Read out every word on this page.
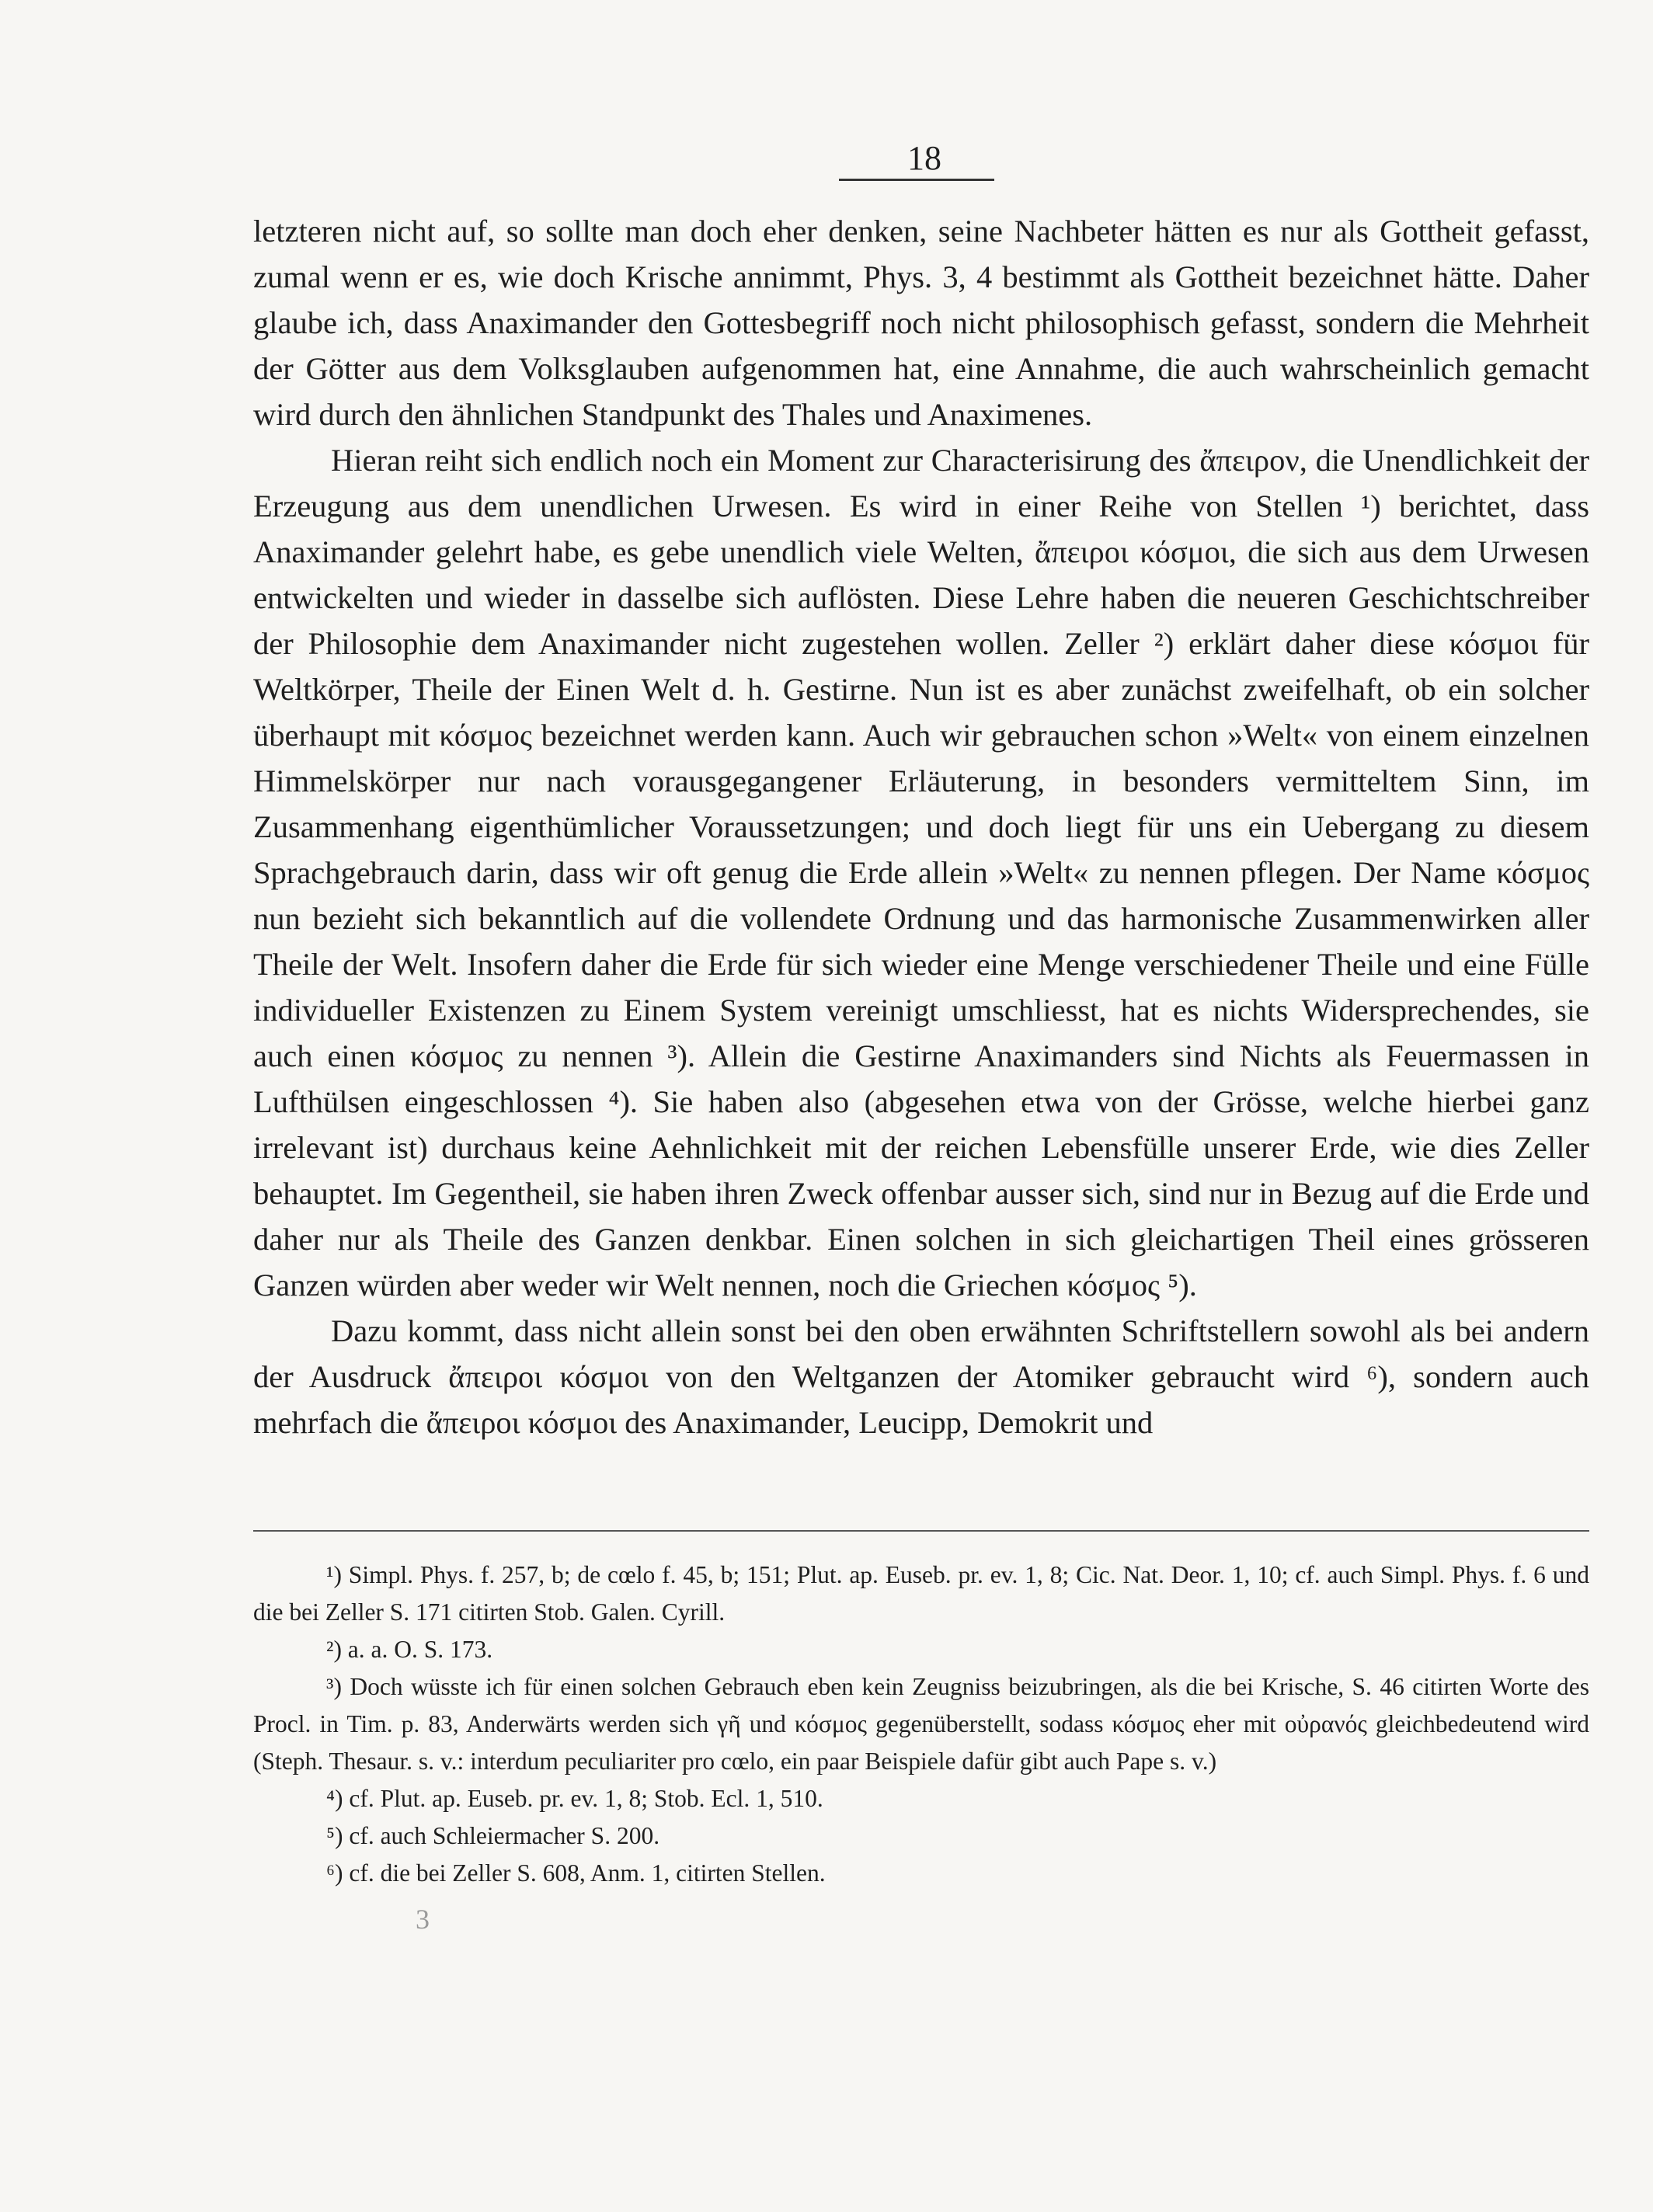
18

letzteren nicht auf, so sollte man doch eher denken, seine Nachbeter hätten es nur als Gottheit gefasst, zumal wenn er es, wie doch Krische annimmt, Phys. 3, 4 bestimmt als Gottheit bezeichnet hätte. Daher glaube ich, dass Anaximander den Gottesbegriff noch nicht philosophisch gefasst, sondern die Mehrheit der Götter aus dem Volksglauben aufgenommen hat, eine Annahme, die auch wahrscheinlich gemacht wird durch den ähnlichen Standpunkt des Thales und Anaximenes.

Hieran reiht sich endlich noch ein Moment zur Characterisirung des ἄπειρον, die Unendlichkeit der Erzeugung aus dem unendlichen Urwesen. Es wird in einer Reihe von Stellen ¹) berichtet, dass Anaximander gelehrt habe, es gebe unendlich viele Welten, ἄπειροι κόσμοι, die sich aus dem Urwesen entwickelten und wieder in dasselbe sich auflösten. Diese Lehre haben die neueren Geschichtschreiber der Philosophie dem Anaximander nicht zugestehen wollen. Zeller ²) erklärt daher diese κόσμοι für Weltkörper, Theile der Einen Welt d. h. Gestirne. Nun ist es aber zunächst zweifelhaft, ob ein solcher überhaupt mit κόσμος bezeichnet werden kann. Auch wir gebrauchen schon »Welt« von einem einzelnen Himmelskörper nur nach vorausgegangener Erläuterung, in besonders vermitteltem Sinn, im Zusammenhang eigenthümlicher Voraussetzungen; und doch liegt für uns ein Uebergang zu diesem Sprachgebrauch darin, dass wir oft genug die Erde allein »Welt« zu nennen pflegen. Der Name κόσμος nun bezieht sich bekanntlich auf die vollendete Ordnung und das harmonische Zusammenwirken aller Theile der Welt. Insofern daher die Erde für sich wieder eine Menge verschiedener Theile und eine Fülle individueller Existenzen zu Einem System vereinigt umschliesst, hat es nichts Widersprechendes, sie auch einen κόσμος zu nennen ³). Allein die Gestirne Anaximanders sind Nichts als Feuermassen in Lufthülsen eingeschlossen ⁴). Sie haben also (abgesehen etwa von der Grösse, welche hierbei ganz irrelevant ist) durchaus keine Aehnlichkeit mit der reichen Lebensfülle unserer Erde, wie dies Zeller behauptet. Im Gegentheil, sie haben ihren Zweck offenbar ausser sich, sind nur in Bezug auf die Erde und daher nur als Theile des Ganzen denkbar. Einen solchen in sich gleichartigen Theil eines grösseren Ganzen würden aber weder wir Welt nennen, noch die Griechen κόσμος ⁵).

Dazu kommt, dass nicht allein sonst bei den oben erwähnten Schriftstellern sowohl als bei andern der Ausdruck ἄπειροι κόσμοι von den Weltganzen der Atomiker gebraucht wird ⁶), sondern auch mehrfach die ἄπειροι κόσμοι des Anaximander, Leucipp, Demokrit und

¹) Simpl. Phys. f. 257, b; de cœlo f. 45, b; 151; Plut. ap. Euseb. pr. ev. 1, 8; Cic. Nat. Deor. 1, 10; cf. auch Simpl. Phys. f. 6 und die bei Zeller S. 171 citirten Stob. Galen. Cyrill.

²) a. a. O. S. 173.

³) Doch wüsste ich für einen solchen Gebrauch eben kein Zeugniss beizubringen, als die bei Krische, S. 46 citirten Worte des Procl. in Tim. p. 83, Anderwärts werden sich γῆ und κόσμος gegenüberstellt, sodass κόσμος eher mit οὐρανός gleichbedeutend wird (Steph. Thesaur. s. v.: interdum peculiariter pro cœlo, ein paar Beispiele dafür gibt auch Pape s. v.)

⁴) cf. Plut. ap. Euseb. pr. ev. 1, 8; Stob. Ecl. 1, 510.

⁵) cf. auch Schleiermacher S. 200.

⁶) cf. die bei Zeller S. 608, Anm. 1, citirten Stellen.

3
